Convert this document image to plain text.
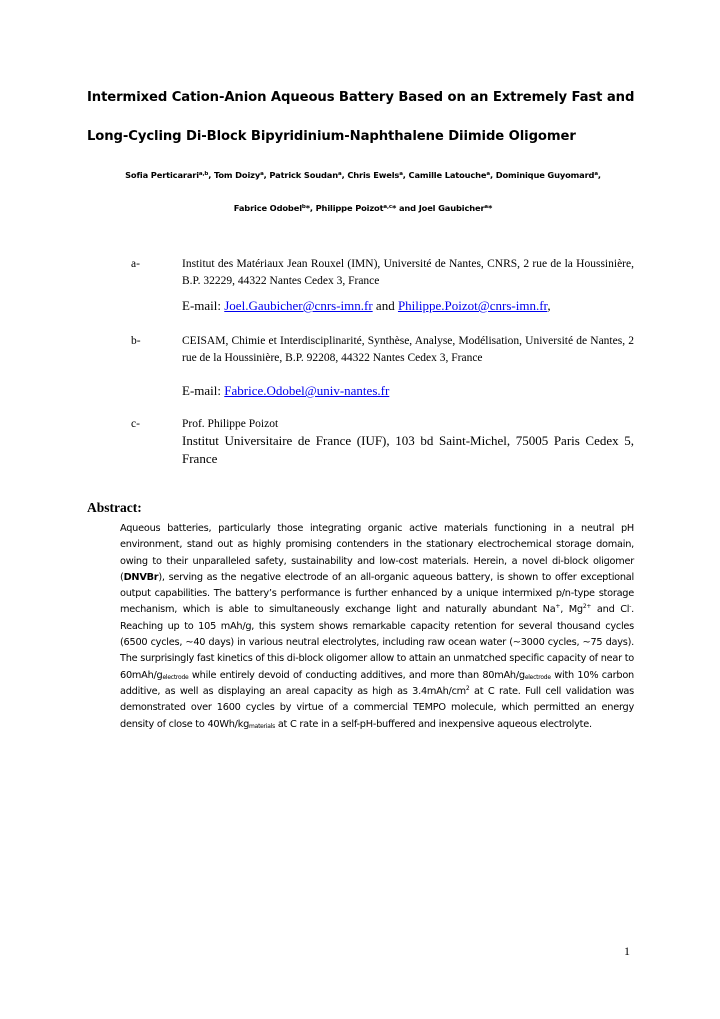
Intermixed Cation-Anion Aqueous Battery Based on an Extremely Fast and
Long-Cycling Di-Block Bipyridinium-Naphthalene Diimide Oligomer
Sofia Perticarari$^{a,b}$, Tom Doizy$^a$, Patrick Soudan$^a$, Chris Ewels$^a$, Camille Latouche$^a$, Dominique Guyomard$^a$,
Fabrice Odobel$^b$*, Philippe Poizot$^{a,c}$* and Joel Gaubicher$^a$*
a-	Institut des Matériaux Jean Rouxel (IMN), Université de Nantes, CNRS, 2 rue de la Houssinière, B.P. 32229, 44322 Nantes Cedex 3, France
E-mail: Joel.Gaubicher@cnrs-imn.fr and Philippe.Poizot@cnrs-imn.fr,
b-	CEISAM, Chimie et Interdisciplinarité, Synthèse, Analyse, Modélisation, Université de Nantes, 2 rue de la Houssinière, B.P. 92208, 44322 Nantes Cedex 3, France
E-mail: Fabrice.Odobel@univ-nantes.fr
c-	Prof. Philippe Poizot
Institut Universitaire de France (IUF), 103 bd Saint-Michel, 75005 Paris Cedex 5, France
Abstract:
Aqueous batteries, particularly those integrating organic active materials functioning in a neutral pH environment, stand out as highly promising contenders in the stationary electrochemical storage domain, owing to their unparalleled safety, sustainability and low-cost materials. Herein, a novel di-block oligomer (DNVBr), serving as the negative electrode of an all-organic aqueous battery, is shown to offer exceptional output capabilities. The battery’s performance is further enhanced by a unique intermixed p/n-type storage mechanism, which is able to simultaneously exchange light and naturally abundant Na+, $Mg^{2+}$ and Cl-. Reaching up to 105 mAh/g, this system shows remarkable capacity retention for several thousand cycles (6500 cycles, ~40 days) in various neutral electrolytes, including raw ocean water (~3000 cycles, ~75 days). The surprisingly fast kinetics of this di-block oligomer allow to attain an unmatched specific capacity of near to $60mAh/g_{electrode}$ while entirely devoid of conducting additives, and more than $80mAh/g_{electrode}$ with 10% carbon additive, as well as displaying an areal capacity as high as $3.4mAh/cm^2$ at C rate. Full cell validation was demonstrated over 1600 cycles by virtue of a commercial TEMPO molecule, which permitted an energy density of close to $40Wh/kg_{materials}$ at C rate in a self-pH-buffered and inexpensive aqueous electrolyte.
1
